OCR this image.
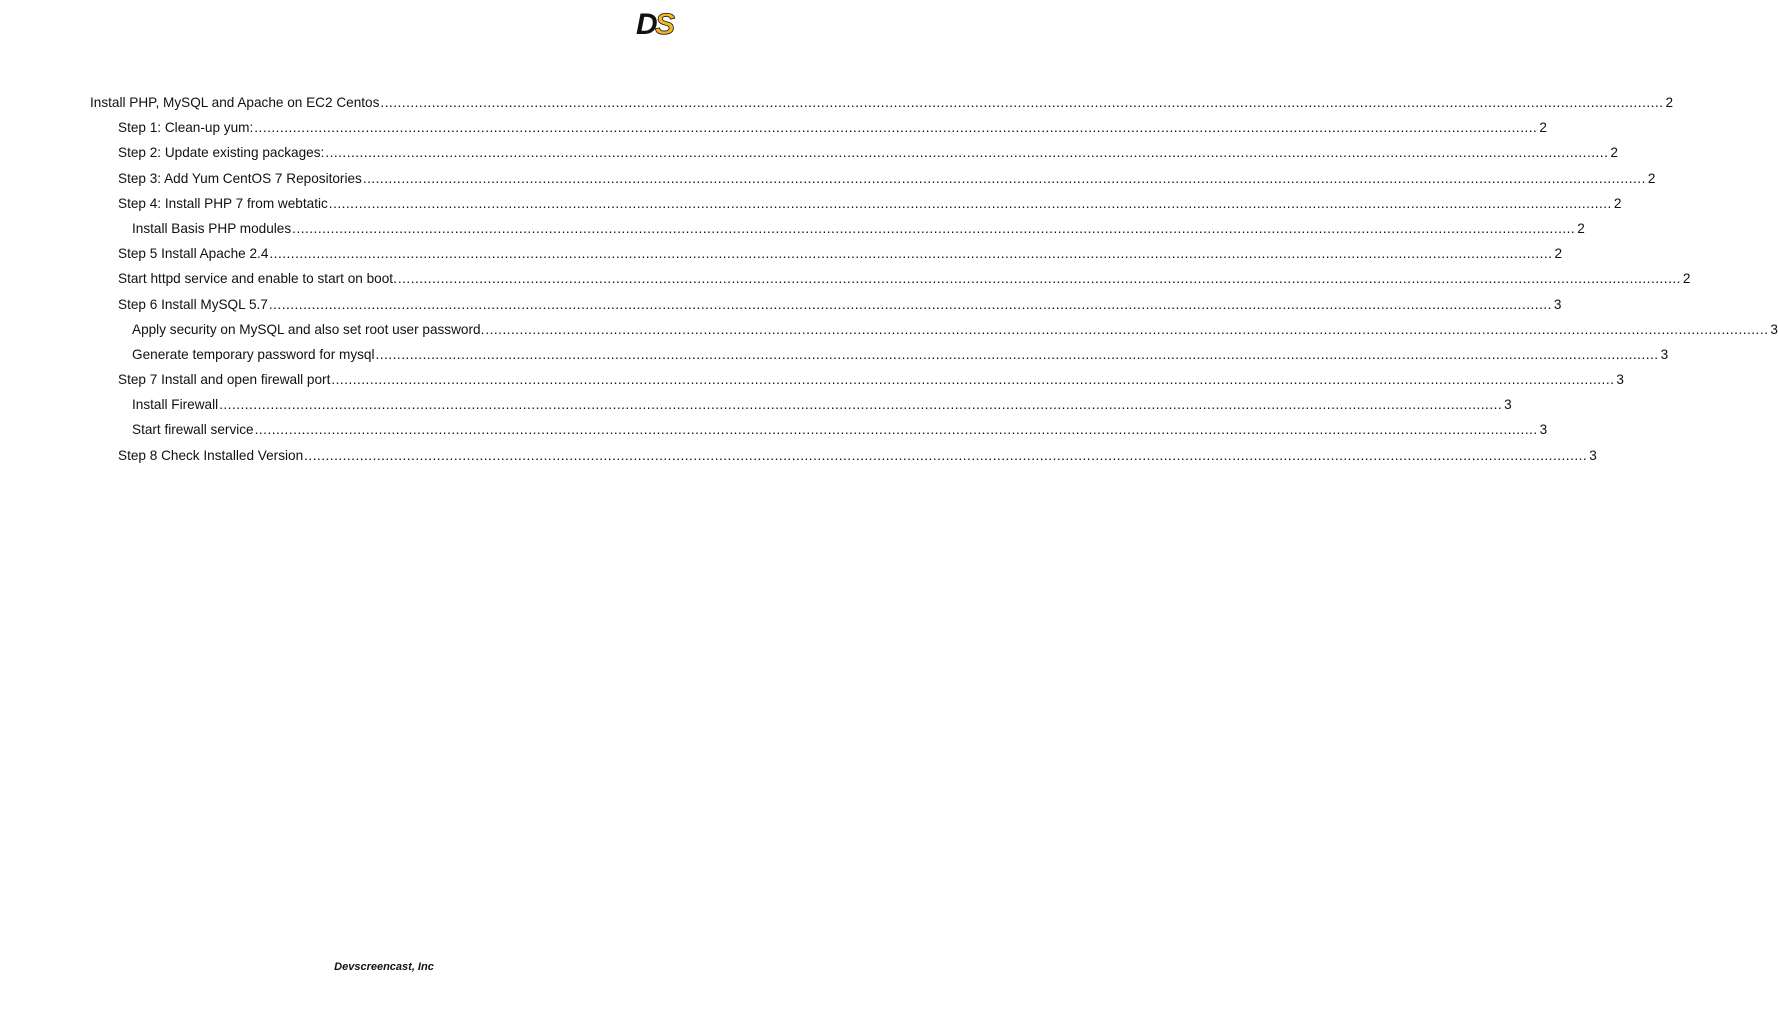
D
S
Install PHP, MySQL and Apache on EC2 Centos ............................................................................................................................................................................................................................................................................................................ 2
Step 1: Clean-up yum: ............................................................................................................................................................................................................................................................................................................ 2
Step 2: Update existing packages: ............................................................................................................................................................................................................................................................................................................ 2
Step 3: Add Yum CentOS 7 Repositories ............................................................................................................................................................................................................................................................................................................ 2
Step 4: Install PHP 7 from webtatic ............................................................................................................................................................................................................................................................................................................ 2
Install Basis PHP modules ............................................................................................................................................................................................................................................................................................................ 2
Step 5 Install Apache 2.4 ............................................................................................................................................................................................................................................................................................................ 2
Start httpd service and enable to start on boot. ............................................................................................................................................................................................................................................................................................................ 2
Step 6 Install MySQL 5.7 ............................................................................................................................................................................................................................................................................................................ 3
Apply security on MySQL and also set root user password. ............................................................................................................................................................................................................................................................................................................ 3
Generate temporary password for mysql ............................................................................................................................................................................................................................................................................................................ 3
Step 7 Install and open firewall port ............................................................................................................................................................................................................................................................................................................ 3
Install Firewall ............................................................................................................................................................................................................................................................................................................ 3
Start firewall service ............................................................................................................................................................................................................................................................................................................ 3
Step 8 Check Installed Version ............................................................................................................................................................................................................................................................................................................ 3
Devscreencast, Inc
